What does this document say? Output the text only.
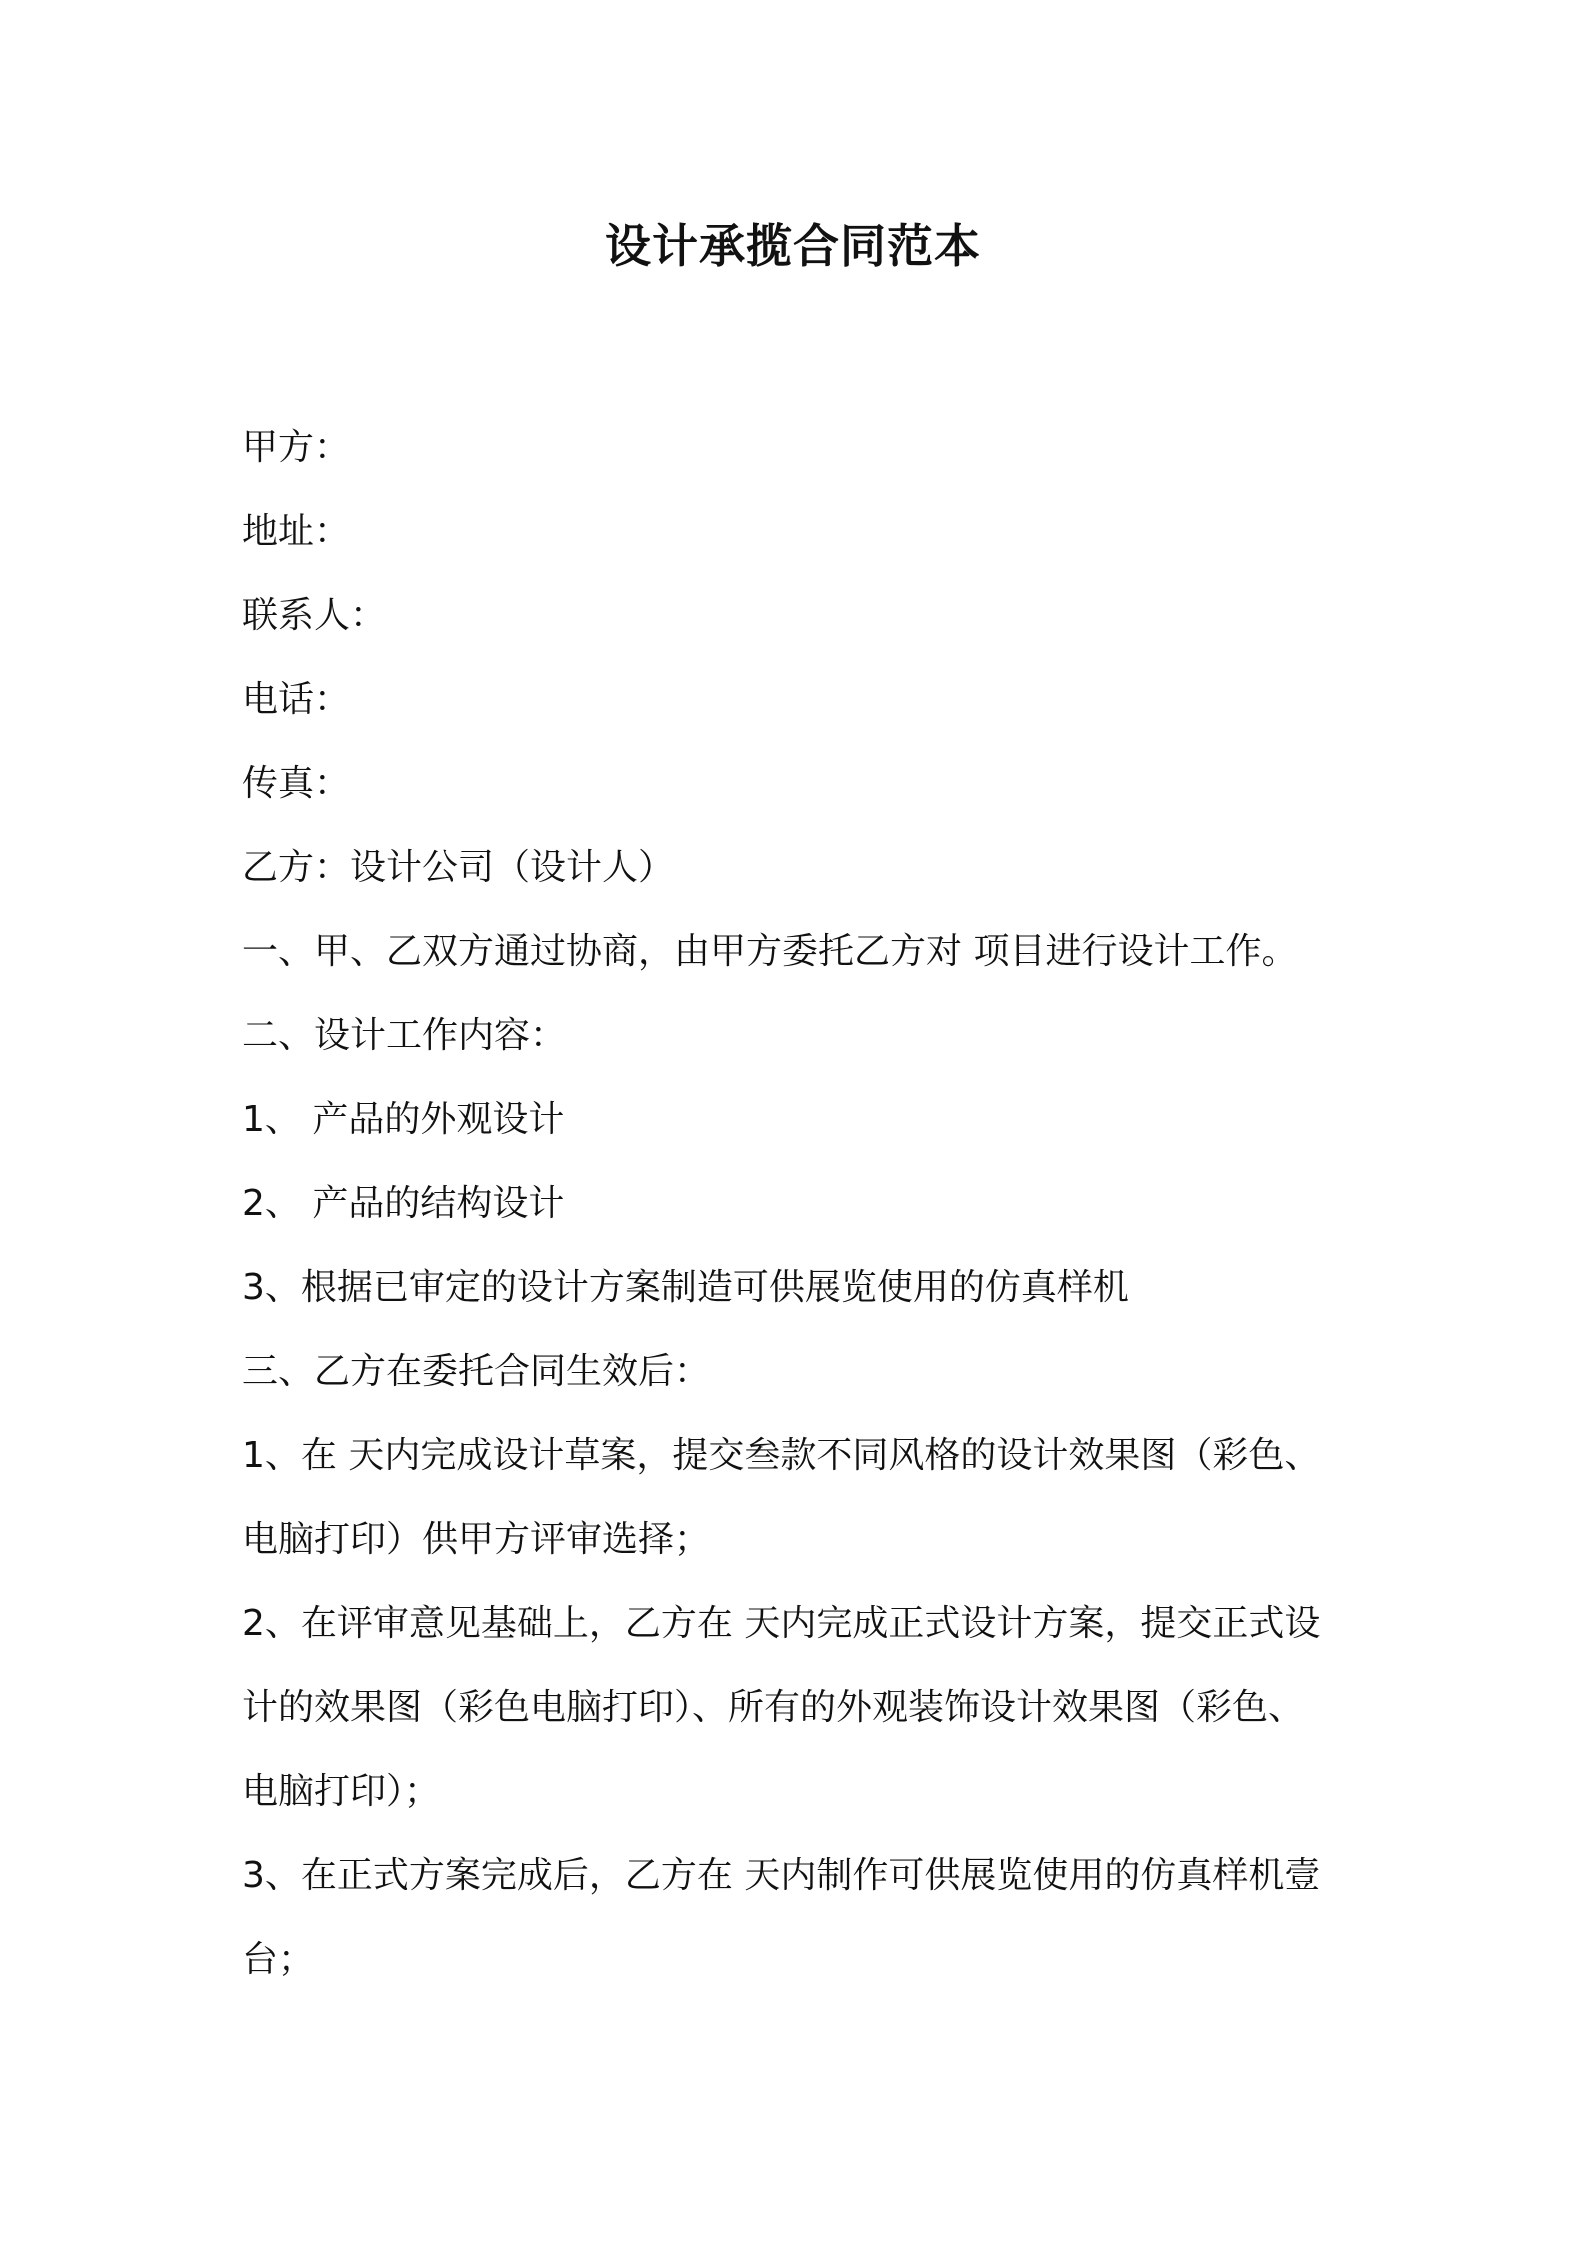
设计承揽合同范本
甲方：
地址：
联系人：
电话：
传真：
乙方：设计公司（设计人）
一、甲、乙双方通过协商，由甲方委托乙方对 项目进行设计工作。
二、设计工作内容：
1、 产品的外观设计
2、 产品的结构设计
3、根据已审定的设计方案制造可供展览使用的仿真样机
三、乙方在委托合同生效后：
1、在 天内完成设计草案，提交叁款不同风格的设计效果图（彩色、
电脑打印）供甲方评审选择；
2、在评审意见基础上，乙方在 天内完成正式设计方案，提交正式设
计的效果图（彩色电脑打印）、所有的外观装饰设计效果图（彩色、
电脑打印）；
3、在正式方案完成后，乙方在 天内制作可供展览使用的仿真样机壹
台；
